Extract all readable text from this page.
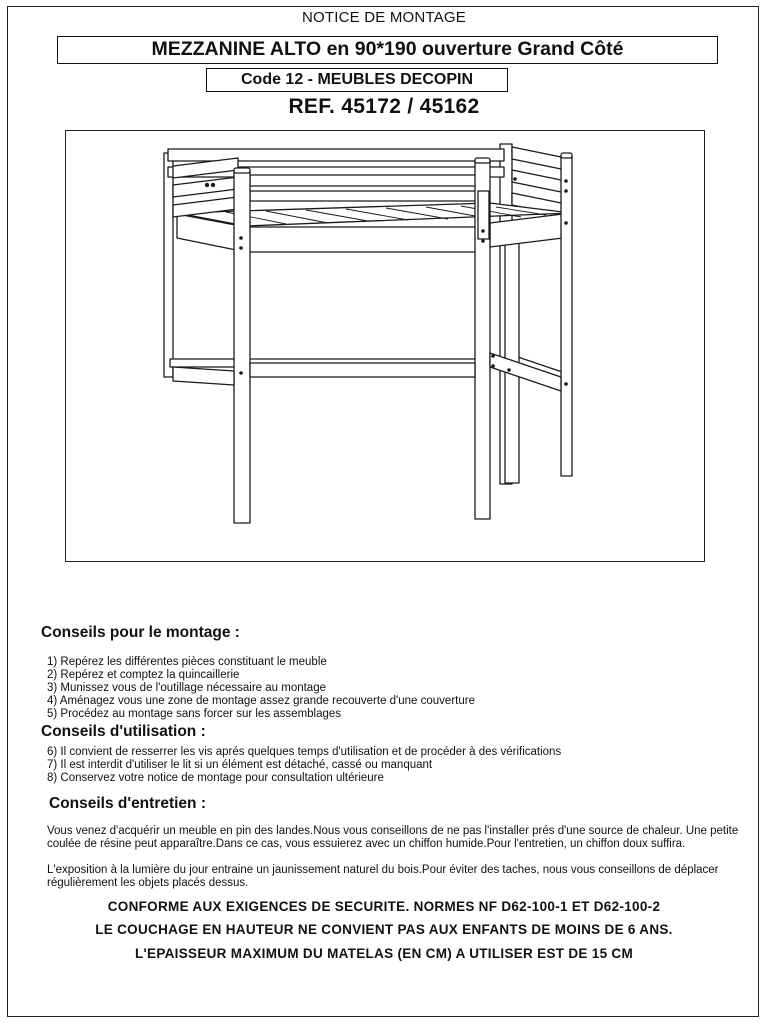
NOTICE DE MONTAGE
MEZZANINE ALTO en 90*190 ouverture Grand Côté
Code 12 - MEUBLES DECOPIN
REF. 45172 / 45162
Conseils pour le montage :
1) Repérez les différentes pièces constituant le meuble
2) Repérez et comptez la quincaillerie
3) Munissez vous de l'outillage nécessaire au montage
4) Aménagez vous une zone de montage assez grande recouverte d'une couverture
5) Procédez au montage sans forcer sur les assemblages
Conseils d'utilisation :
6) Il convient de resserrer les vis aprés quelques temps d'utilisation et de procéder à des vérifications
7) Il est interdit d'utiliser le lit si un élément est détaché, cassé ou manquant
8) Conservez votre notice de montage pour consultation ultérieure
Conseils d'entretien :

Vous venez d'acquérir un meuble en pin des landes.Nous vous conseillons de ne pas l'installer prés d'une source de chaleur. Une petite coulée de résine peut apparaître.Dans ce cas, vous essuierez avec un chiffon humide.Pour l'entretien, un chiffon doux suffira.

L'exposition à la lumière du jour entraine un jaunissement naturel du bois.Pour éviter des taches, nous vous conseillons de déplacer régulièrement les objets placés dessus.

CONFORME AUX EXIGENCES DE SECURITE. NORMES NF D62-100-1 ET D62-100-2
LE COUCHAGE EN HAUTEUR NE CONVIENT PAS AUX ENFANTS DE MOINS DE 6 ANS.
L'EPAISSEUR MAXIMUM DU MATELAS (EN CM) A UTILISER EST DE 15 CM
